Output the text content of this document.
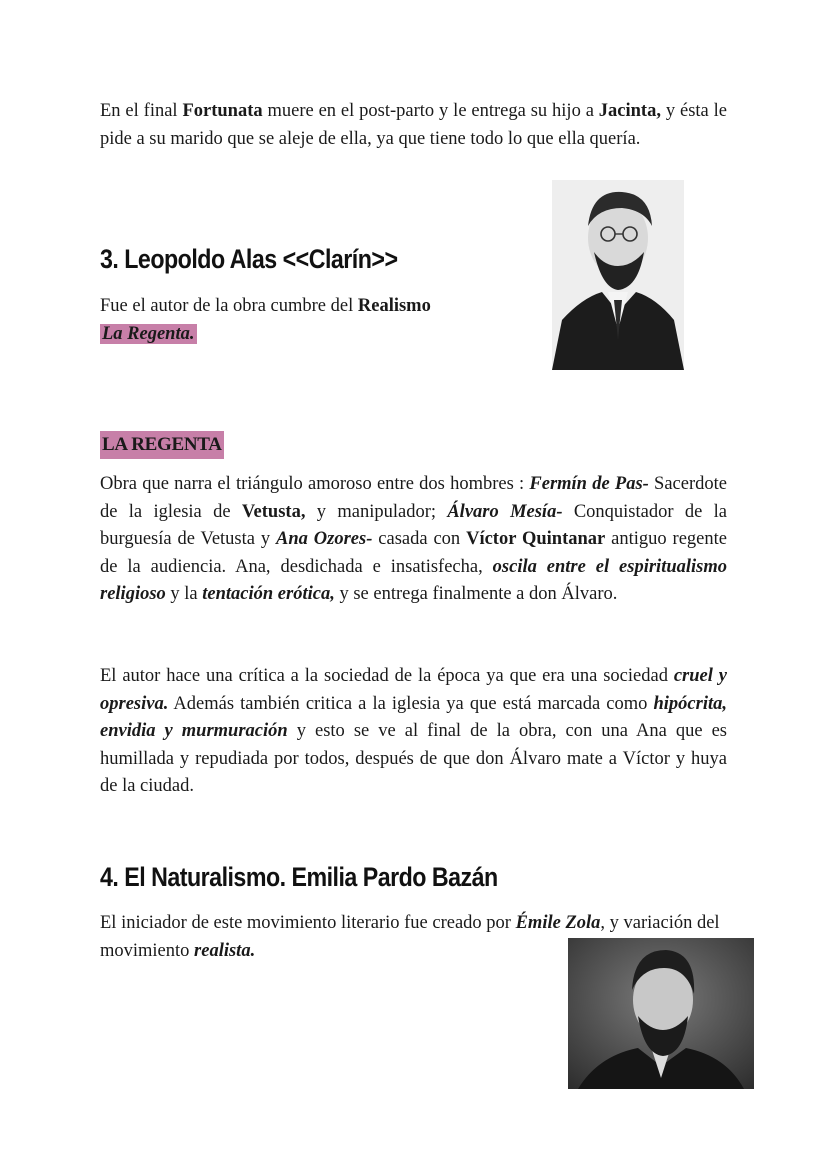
En el final Fortunata muere en el post-parto y le entrega su hijo a Jacinta, y ésta le pide a su marido que se aleje de ella, ya que tiene todo lo que ella quería.

3. Leopoldo Alas <<Clarín>>

Fue el autor de la obra cumbre del Realismo
La Regenta.

LA REGENTA

Obra que narra el triángulo amoroso entre dos hombres : Fermín de Pas- Sacerdote de la iglesia de Vetusta, y manipulador; Álvaro Mesía- Conquistador de la burguesía de Vetusta y Ana Ozores- casada con Víctor Quintanar antiguo regente de la audiencia. Ana, desdichada e insatisfecha, oscila entre el espiritualismo religioso y la tentación erótica, y se entrega finalmente a don Álvaro.

El autor hace una crítica a la sociedad de la época ya que era una sociedad cruel y opresiva. Además también critica a la iglesia ya que está marcada como hipócrita, envidia y murmuración y esto se ve al final de la obra, con una Ana que es humillada y repudiada por todos, después de que don Álvaro mate a Víctor y huya de la ciudad.

4. El Naturalismo. Emilia Pardo Bazán

El iniciador de este movimiento literario fue creado por Émile Zola, y variación del movimiento realista.
